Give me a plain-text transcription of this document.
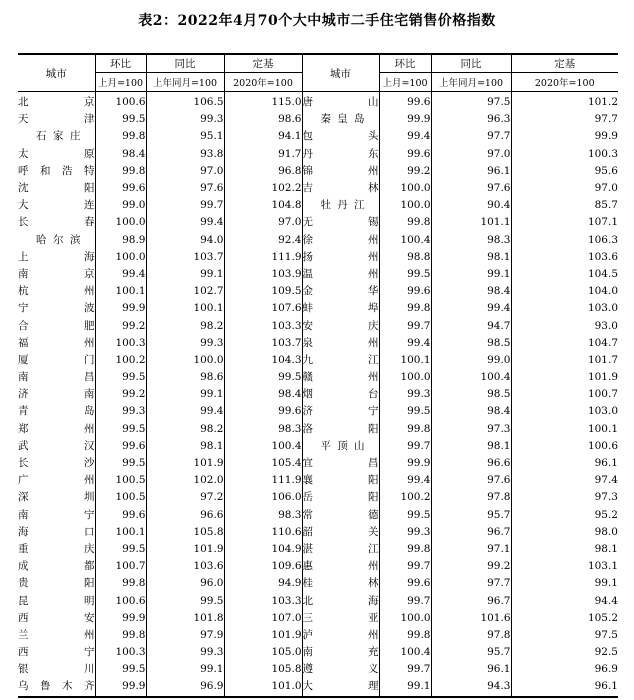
表2：2022年4月70个大中城市二手住宅销售价格指数
城市	环比	同比	定基	城市	环比	同比	定基
	上月=100	上年同月=100	2020年=100		上月=100	上年同月=100	2020年=100
北　　京	100.6	106.5	115.0	唐　　山	99.6	97.5	101.2
天　　津	99.5	99.3	98.6	秦皇岛	99.9	96.3	97.7
石家庄	99.8	95.1	94.1	包　　头	99.4	97.7	99.9
太　　原	98.4	93.8	91.7	丹　　东	99.6	97.0	100.3
呼和浩特	99.8	97.0	96.8	锦　　州	99.2	96.1	95.6
沈　　阳	99.6	97.6	102.2	吉　　林	100.0	97.6	97.0
大　　连	99.0	99.7	104.8	牡丹江	100.0	90.4	85.7
长　　春	100.0	99.4	97.0	无　　锡	99.8	101.1	107.1
哈尔滨	98.9	94.0	92.4	徐　　州	100.4	98.3	106.3
上　　海	100.0	103.7	111.9	扬　　州	98.8	98.1	103.6
南　　京	99.4	99.1	103.9	温　　州	99.5	99.1	104.5
杭　　州	100.1	102.7	109.5	金　　华	99.6	98.4	104.0
宁　　波	99.9	100.1	107.6	蚌　　埠	99.8	99.4	103.0
合　　肥	99.2	98.2	103.3	安　　庆	99.7	94.7	93.0
福　　州	100.3	99.3	103.7	泉　　州	99.4	98.5	104.7
厦　　门	100.2	100.0	104.3	九　　江	100.1	99.0	101.7
南　　昌	99.5	98.6	99.5	赣　　州	100.0	100.4	101.9
济　　南	99.2	99.1	98.4	烟　　台	99.3	98.5	100.7
青　　岛	99.3	99.4	99.6	济　　宁	99.5	98.4	103.0
郑　　州	99.5	98.2	98.3	洛　　阳	99.8	97.3	100.1
武　　汉	99.6	98.1	100.4	平顶山	99.7	98.1	100.6
长　　沙	99.5	101.9	105.4	宜　　昌	99.9	96.6	96.1
广　　州	100.5	102.0	111.9	襄　　阳	99.4	97.6	97.4
深　　圳	100.5	97.2	106.0	岳　　阳	100.2	97.8	97.3
南　　宁	99.6	96.6	98.3	常　　德	99.5	95.7	95.2
海　　口	100.1	105.8	110.6	韶　　关	99.3	96.7	98.0
重　　庆	99.5	101.9	104.9	湛　　江	99.8	97.1	98.1
成　　都	100.7	103.6	109.6	惠　　州	99.7	99.2	103.1
贵　　阳	99.8	96.0	94.9	桂　　林	99.6	97.7	99.1
昆　　明	100.6	99.5	103.3	北　　海	99.7	96.7	94.4
西　　安	99.9	101.8	107.0	三　　亚	100.0	101.6	105.2
兰　　州	99.8	97.9	101.9	泸　　州	99.8	97.8	97.5
西　　宁	100.3	99.3	105.0	南　　充	100.4	95.7	92.5
银　　川	99.5	99.1	105.8	遵　　义	99.7	96.1	96.9
乌鲁木齐	99.9	96.9	101.0	大　　理	99.1	94.3	96.1
